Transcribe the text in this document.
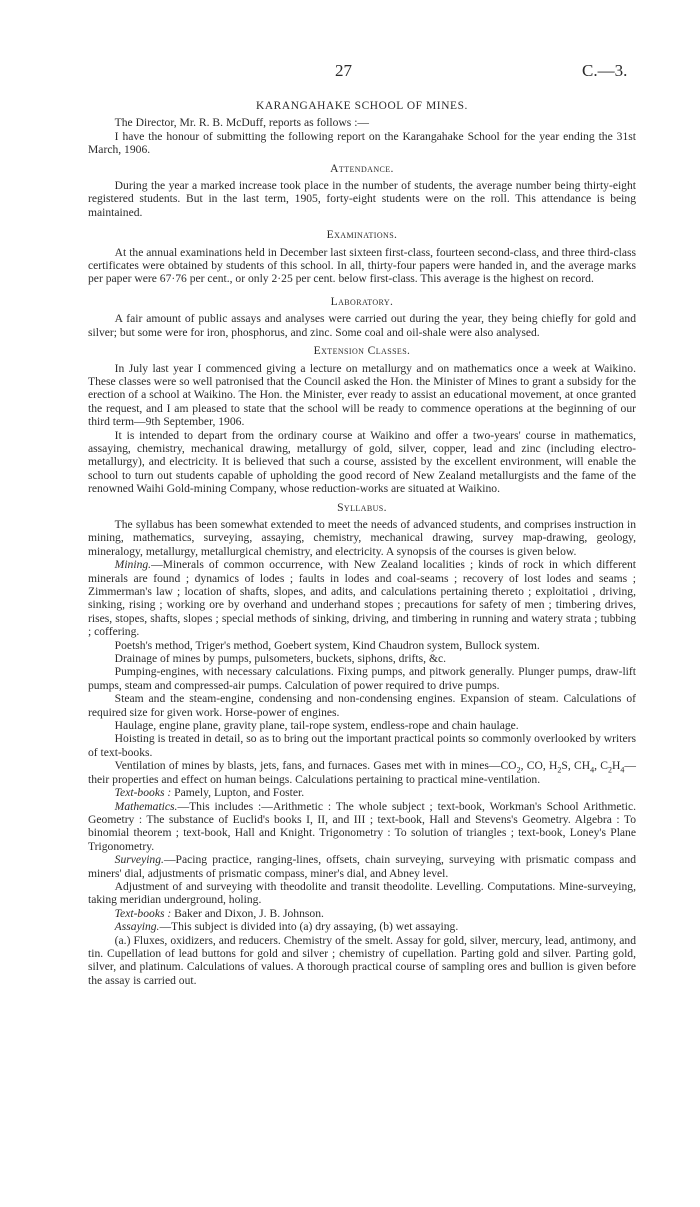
27	C.—3.
KARANGAHAKE SCHOOL OF MINES.

The Director, Mr. R. B. McDuff, reports as follows :—

I have the honour of submitting the following report on the Karangahake School for the year ending the 31st March, 1906.

Attendance.

During the year a marked increase took place in the number of students, the average number being thirty-eight registered students. But in the last term, 1905, forty-eight students were on the roll. This attendance is being maintained.

Examinations.

At the annual examinations held in December last sixteen first-class, fourteen second-class, and three third-class certificates were obtained by students of this school. In all, thirty-four papers were handed in, and the average marks per paper were 67·76 per cent., or only 2·25 per cent. below first-class. This average is the highest on record.

Laboratory.

A fair amount of public assays and analyses were carried out during the year, they being chiefly for gold and silver; but some were for iron, phosphorus, and zinc. Some coal and oil-shale were also analysed.

Extension Classes.

In July last year I commenced giving a lecture on metallurgy and on mathematics once a week at Waikino. These classes were so well patronised that the Council asked the Hon. the Minister of Mines to grant a subsidy for the erection of a school at Waikino. The Hon. the Minister, ever ready to assist an educational movement, at once granted the request, and I am pleased to state that the school will be ready to commence operations at the beginning of our third term—9th September, 1906.

It is intended to depart from the ordinary course at Waikino and offer a two-years' course in mathematics, assaying, chemistry, mechanical drawing, metallurgy of gold, silver, copper, lead and zinc (including electro-metallurgy), and electricity. It is believed that such a course, assisted by the excellent environment, will enable the school to turn out students capable of upholding the good record of New Zealand metallurgists and the fame of the renowned Waihi Gold-mining Company, whose reduction-works are situated at Waikino.

Syllabus.

The syllabus has been somewhat extended to meet the needs of advanced students, and comprises instruction in mining, mathematics, surveying, assaying, chemistry, mechanical drawing, survey map-drawing, geology, mineralogy, metallurgy, metallurgical chemistry, and electricity. A synopsis of the courses is given below.

Mining.—Minerals of common occurrence, with New Zealand localities ; kinds of rock in which different minerals are found ; dynamics of lodes ; faults in lodes and coal-seams ; recovery of lost lodes and seams ; Zimmerman's law ; location of shafts, slopes, and adits, and calculations pertaining thereto ; exploitatioi , driving, sinking, rising ; working ore by overhand and underhand stopes ; precautions for safety of men ; timbering drives, rises, stopes, shafts, slopes ; special methods of sinking, driving, and timbering in running and watery strata ; tubbing ; coffering.

Poetsh's method, Triger's method, Goebert system, Kind Chaudron system, Bullock system.

Drainage of mines by pumps, pulsometers, buckets, siphons, drifts, &c.

Pumping-engines, with necessary calculations. Fixing pumps, and pitwork generally. Plunger pumps, draw-lift pumps, steam and compressed-air pumps. Calculation of power required to drive pumps.

Steam and the steam-engine, condensing and non-condensing engines. Expansion of steam. Calculations of required size for given work. Horse-power of engines.

Haulage, engine plane, gravity plane, tail-rope system, endless-rope and chain haulage.

Hoisting is treated in detail, so as to bring out the important practical points so commonly overlooked by writers of text-books.

Ventilation of mines by blasts, jets, fans, and furnaces. Gases met with in $mines—CO_2$, CO, $H_2S$, $CH_4$, $C_2H_4—their$ properties and effect on human beings. Calculations pertaining to practical mine-ventilation.

Text-books : Pamely, Lupton, and Foster.

Mathematics.—This includes :—Arithmetic : The whole subject ; text-book, Workman's School Arithmetic. Geometry : The substance of Euclid's books I, II, and III ; text-book, Hall and Stevens's Geometry. Algebra : To binomial theorem ; text-book, Hall and Knight. Trigonometry : To solution of triangles ; text-book, Loney's Plane Trigonometry.

Surveying.—Pacing practice, ranging-lines, offsets, chain surveying, surveying with prismatic compass and miners' dial, adjustments of prismatic compass, miner's dial, and Abney level.

Adjustment of and surveying with theodolite and transit theodolite. Levelling. Computations. Mine-surveying, taking meridian underground, holing.

Text-books : Baker and Dixon, J. B. Johnson.

Assaying.—This subject is divided into (a) dry assaying, (b) wet assaying.

(a.) Fluxes, oxidizers, and reducers. Chemistry of the smelt. Assay for gold, silver, mercury, lead, antimony, and tin. Cupellation of lead buttons for gold and silver ; chemistry of cupellation. Parting gold and silver. Parting gold, silver, and platinum. Calculations of values. A thorough practical course of sampling ores and bullion is given before the assay is carried out.
